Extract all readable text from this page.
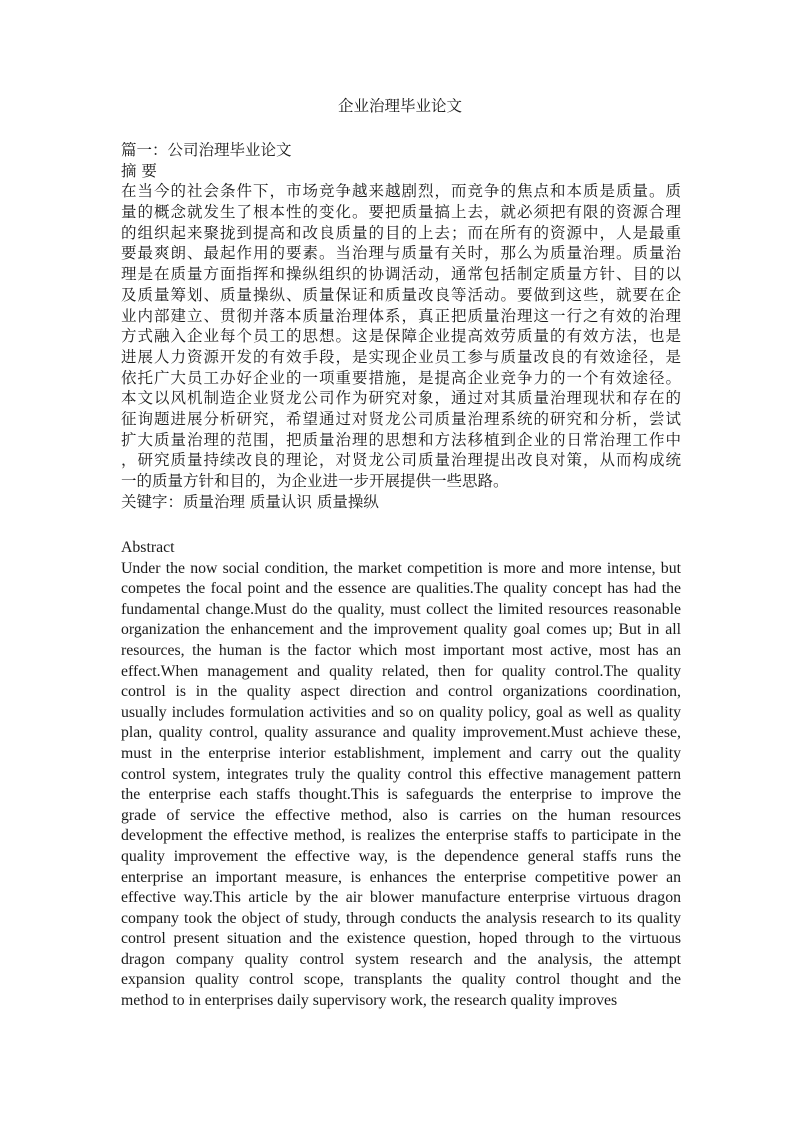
企业治理毕业论文
篇一：公司治理毕业论文
摘 要
在当今的社会条件下，市场竞争越来越剧烈，而竞争的焦点和本质是质量。质
量的概念就发生了根本性的变化。要把质量搞上去，就必须把有限的资源合理
的组织起来聚拢到提高和改良质量的目的上去；而在所有的资源中，人是最重
要最爽朗、最起作用的要素。当治理与质量有关时，那么为质量治理。质量治
理是在质量方面指挥和操纵组织的协调活动，通常包括制定质量方针、目的以
及质量筹划、质量操纵、质量保证和质量改良等活动。要做到这些，就要在企
业内部建立、贯彻并落本质量治理体系，真正把质量治理这一行之有效的治理
方式融入企业每个员工的思想。这是保障企业提高效劳质量的有效方法，也是
进展人力资源开发的有效手段，是实现企业员工参与质量改良的有效途径，是
依托广大员工办好企业的一项重要措施，是提高企业竞争力的一个有效途径。
本文以风机制造企业贤龙公司作为研究对象，通过对其质量治理现状和存在的
征询题进展分析研究，希望通过对贤龙公司质量治理系统的研究和分析，尝试
扩大质量治理的范围，把质量治理的思想和方法移植到企业的日常治理工作中
，研究质量持续改良的理论，对贤龙公司质量治理提出改良对策，从而构成统
一的质量方针和目的，为企业进一步开展提供一些思路。
关键字：质量治理 质量认识 质量操纵
Abstract
Under the now social condition, the market competition is more and more intense, but
competes the focal point and the essence are qualities.The quality concept has had the
fundamental change.Must do the quality, must collect the limited resources reasonable
organization the enhancement and the improvement quality goal comes up; But in all
resources, the human is the factor which most important most active, most has an
effect.When management and quality related, then for quality control.The quality
control is in the quality aspect direction and control organizations coordination,
usually includes formulation activities and so on quality policy, goal as well as quality
plan, quality control, quality assurance and quality improvement.Must achieve these,
must in the enterprise interior establishment, implement and carry out the quality
control system, integrates truly the quality control this effective management pattern
the enterprise each staffs thought.This is safeguards the enterprise to improve the
grade of service the effective method, also is carries on the human resources
development the effective method, is realizes the enterprise staffs to participate in the
quality improvement the effective way, is the dependence general staffs runs the
enterprise an important measure, is enhances the enterprise competitive power an
effective way.This article by the air blower manufacture enterprise virtuous dragon
company took the object of study, through conducts the analysis research to its quality
control present situation and the existence question, hoped through to the virtuous
dragon company quality control system research and the analysis, the attempt
expansion quality control scope, transplants the quality control thought and the
method to in enterprises daily supervisory work, the research quality improves
